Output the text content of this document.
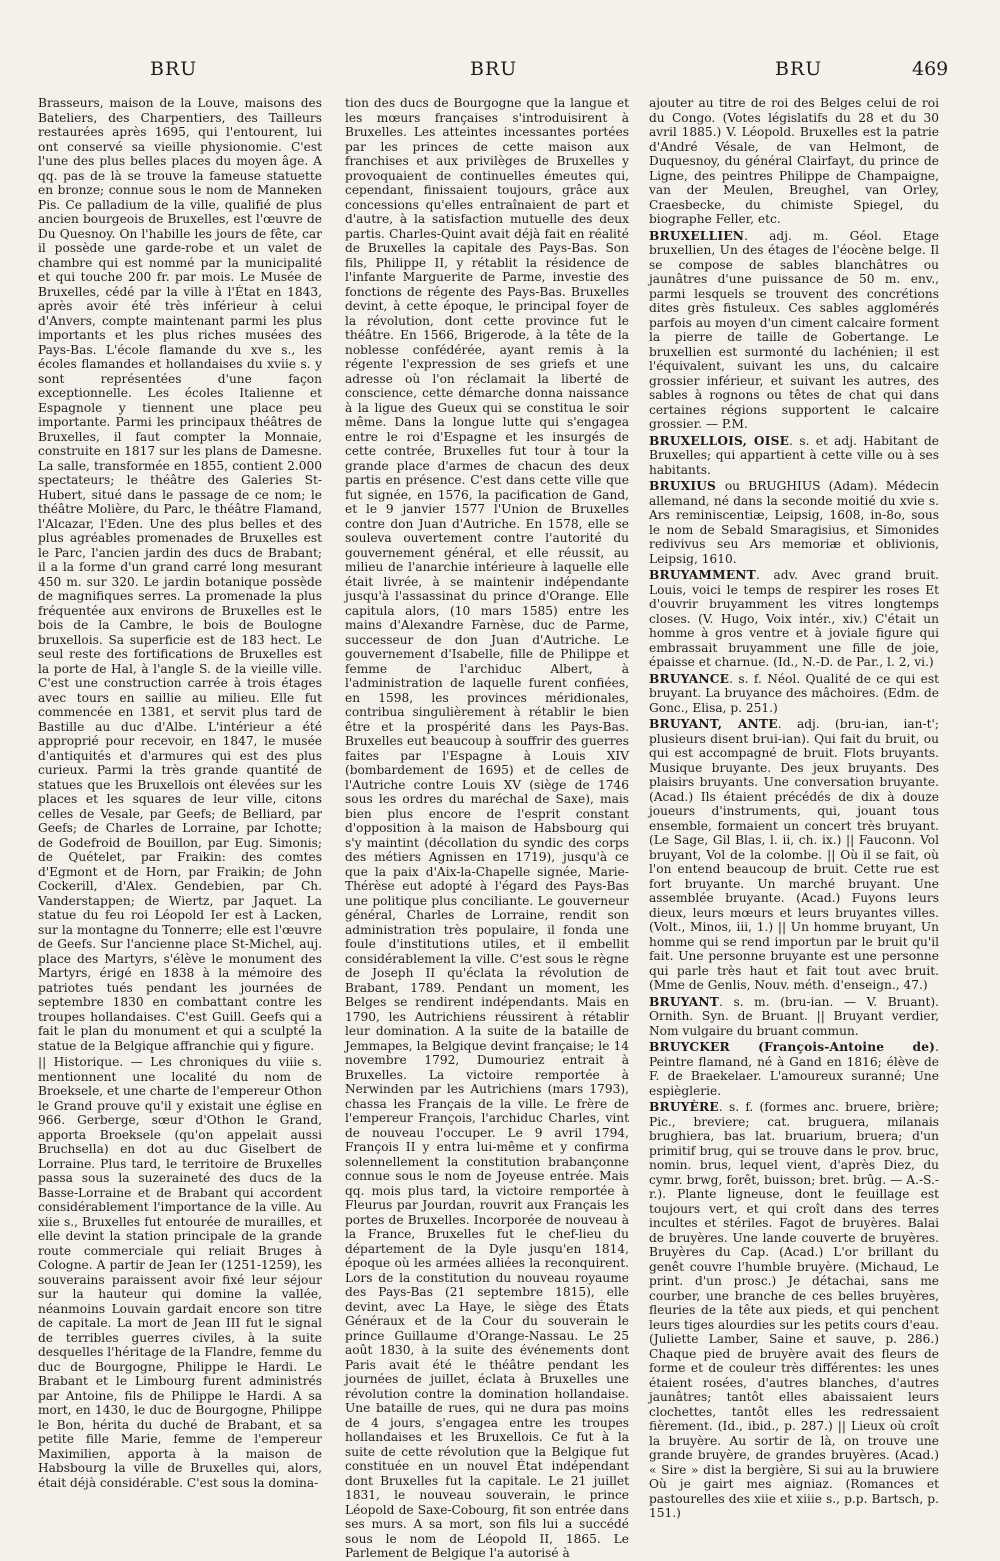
BRU	BRU	BRU	469

Brasseurs, maison de la Louve, maisons des Bateliers, des Charpentiers, des Tailleurs restaurées après 1695, qui l'entourent, lui ont conservé sa vieille physionomie. C'est l'une des plus belles places du moyen âge. A qq. pas de là se trouve la fameuse statuette en bronze; connue sous le nom de Manneken Pis. Ce palladium de la ville, qualifié de plus ancien bourgeois de Bruxelles, est l'œuvre de Du Quesnoy. On l'habille les jours de fête, car il possède une garde-robe et un valet de chambre qui est nommé par la municipalité et qui touche 200 fr. par mois. Le Musée de Bruxelles, cédé par la ville à l'État en 1843, après avoir été très inférieur à celui d'Anvers, compte maintenant parmi les plus importants et les plus riches musées des Pays-Bas. L'école flamande du xve s., les écoles flamandes et hollandaises du xviie s. y sont représentées d'une façon exceptionnelle. Les écoles Italienne et Espagnole y tiennent une place peu importante. Parmi les principaux théâtres de Bruxelles, il faut compter la Monnaie, construite en 1817 sur les plans de Damesne. La salle, transformée en 1855, contient 2.000 spectateurs; le théâtre des Galeries St-Hubert, situé dans le passage de ce nom; le théâtre Molière, du Parc, le théâtre Flamand, l'Alcazar, l'Eden. Une des plus belles et des plus agréables promenades de Bruxelles est le Parc, l'ancien jardin des ducs de Brabant; il a la forme d'un grand carré long mesurant 450 m. sur 320. Le jardin botanique possède de magnifiques serres. La promenade la plus fréquentée aux environs de Bruxelles est le bois de la Cambre, le bois de Boulogne bruxellois. Sa superficie est de 183 hect. Le seul reste des fortifications de Bruxelles est la porte de Hal, à l'angle S. de la vieille ville. C'est une construction carrée à trois étages avec tours en saillie au milieu. Elle fut commencée en 1381, et servit plus tard de Bastille au duc d'Albe. L'intérieur a été approprié pour recevoir, en 1847, le musée d'antiquités et d'armures qui est des plus curieux. Parmi la très grande quantité de statues que les Bruxellois ont élevées sur les places et les squares de leur ville, citons celles de Vesale, par Geefs; de Belliard, par Geefs; de Charles de Lorraine, par Ichotte; de Godefroid de Bouillon, par Eug. Simonis; de Quételet, par Fraikin: des comtes d'Egmont et de Horn, par Fraikin; de John Cockerill, d'Alex. Gendebien, par Ch. Vanderstappen; de Wiertz, par Jaquet. La statue du feu roi Léopold Ier est à Lacken, sur la montagne du Tonnerre; elle est l'œuvre de Geefs. Sur l'ancienne place St-Michel, auj. place des Martyrs, s'élève le monument des Martyrs, érigé en 1838 à la mémoire des patriotes tués pendant les journées de septembre 1830 en combattant contre les troupes hollandaises. C'est Guill. Geefs qui a fait le plan du monument et qui a sculpté la statue de la Belgique affranchie qui y figure.

|| Historique. — Les chroniques du viiie s. mentionnent une localité du nom de Broeksele, et une charte de l'empereur Othon le Grand prouve qu'il y existait une église en 966. Gerberge, sœur d'Othon le Grand, apporta Broeksele (qu'on appelait aussi Bruchsella) en dot au duc Giselbert de Lorraine. Plus tard, le territoire de Bruxelles passa sous la suzeraineté des ducs de la Basse-Lorraine et de Brabant qui accordent considérablement l'importance de la ville. Au xiie s., Bruxelles fut entourée de murailles, et elle devint la station principale de la grande route commerciale qui reliait Bruges à Cologne. A partir de Jean Ier (1251-1259), les souverains paraissent avoir fixé leur séjour sur la hauteur qui domine la vallée, néanmoins Louvain gardait encore son titre de capitale. La mort de Jean III fut le signal de terribles guerres civiles, à la suite desquelles l'héritage de la Flandre, femme du duc de Bourgogne, Philippe le Hardi. Le Brabant et le Limbourg furent administrés par Antoine, fils de Philippe le Hardi. A sa mort, en 1430, le duc de Bourgogne, Philippe le Bon, hérita du duché de Brabant, et sa petite fille Marie, femme de l'empereur Maximilien, apporta à la maison de Habsbourg la ville de Bruxelles qui, alors, était déjà considérable. C'est sous la domina-

tion des ducs de Bourgogne que la langue et les mœurs françaises s'introduisirent à Bruxelles. Les atteintes incessantes portées par les princes de cette maison aux franchises et aux privilèges de Bruxelles y provoquaient de continuelles émeutes qui, cependant, finissaient toujours, grâce aux concessions qu'elles entraînaient de part et d'autre, à la satisfaction mutuelle des deux partis. Charles-Quint avait déjà fait en réalité de Bruxelles la capitale des Pays-Bas. Son fils, Philippe II, y rétablit la résidence de l'infante Marguerite de Parme, investie des fonctions de régente des Pays-Bas. Bruxelles devint, à cette époque, le principal foyer de la révolution, dont cette province fut le théâtre. En 1566, Brigerode, à la tête de la noblesse confédérée, ayant remis à la régente l'expression de ses griefs et une adresse où l'on réclamait la liberté de conscience, cette démarche donna naissance à la ligue des Gueux qui se constitua le soir même. Dans la longue lutte qui s'engagea entre le roi d'Espagne et les insurgés de cette contrée, Bruxelles fut tour à tour la grande place d'armes de chacun des deux partis en présence. C'est dans cette ville que fut signée, en 1576, la pacification de Gand, et le 9 janvier 1577 l'Union de Bruxelles contre don Juan d'Autriche. En 1578, elle se souleva ouvertement contre l'autorité du gouvernement général, et elle réussit, au milieu de l'anarchie intérieure à laquelle elle était livrée, à se maintenir indépendante jusqu'à l'assassinat du prince d'Orange. Elle capitula alors, (10 mars 1585) entre les mains d'Alexandre Farnèse, duc de Parme, successeur de don Juan d'Autriche. Le gouvernement d'Isabelle, fille de Philippe et femme de l'archiduc Albert, à l'administration de laquelle furent confiées, en 1598, les provinces méridionales, contribua singulièrement à rétablir le bien être et la prospérité dans les Pays-Bas. Bruxelles eut beaucoup à souffrir des guerres faites par l'Espagne à Louis XIV (bombardement de 1695) et de celles de l'Autriche contre Louis XV (siège de 1746 sous les ordres du maréchal de Saxe), mais bien plus encore de l'esprit constant d'opposition à la maison de Habsbourg qui s'y maintint (décollation du syndic des corps des métiers Agnissen en 1719), jusqu'à ce que la paix d'Aix-la-Chapelle signée, Marie-Thérèse eut adopté à l'égard des Pays-Bas une politique plus conciliante. Le gouverneur général, Charles de Lorraine, rendit son administration très populaire, il fonda une foule d'institutions utiles, et il embellit considérablement la ville. C'est sous le règne de Joseph II qu'éclata la révolution de Brabant, 1789. Pendant un moment, les Belges se rendirent indépendants. Mais en 1790, les Autrichiens réussirent à rétablir leur domination. A la suite de la bataille de Jemmapes, la Belgique devint française; le 14 novembre 1792, Dumouriez entrait à Bruxelles. La victoire remportée à Nerwinden par les Autrichiens (mars 1793), chassa les Français de la ville. Le frère de l'empereur François, l'archiduc Charles, vint de nouveau l'occuper. Le 9 avril 1794, François II y entra lui-même et y confirma solennellement la constitution brabançonne connue sous le nom de Joyeuse entrée. Mais qq. mois plus tard, la victoire remportée à Fleurus par Jourdan, rouvrit aux Français les portes de Bruxelles. Incorporée de nouveau à la France, Bruxelles fut le chef-lieu du département de la Dyle jusqu'en 1814, époque où les armées alliées la reconquirent. Lors de la constitution du nouveau royaume des Pays-Bas (21 septembre 1815), elle devint, avec La Haye, le siège des États Généraux et de la Cour du souverain le prince Guillaume d'Orange-Nassau. Le 25 août 1830, à la suite des événements dont Paris avait été le théâtre pendant les journées de juillet, éclata à Bruxelles une révolution contre la domination hollandaise. Une bataille de rues, qui ne dura pas moins de 4 jours, s'engagea entre les troupes hollandaises et les Bruxellois. Ce fut à la suite de cette révolution que la Belgique fut constituée en un nouvel État indépendant dont Bruxelles fut la capitale. Le 21 juillet 1831, le nouveau souverain, le prince Léopold de Saxe-Cobourg, fit son entrée dans ses murs. A sa mort, son fils lui a succédé sous le nom de Léopold II, 1865. Le Parlement de Belgique l'a autorisé à

ajouter au titre de roi des Belges celui de roi du Congo. (Votes législatifs du 28 et du 30 avril 1885.) V. Léopold. Bruxelles est la patrie d'André Vésale, de van Helmont, de Duquesnoy, du général Clairfayt, du prince de Ligne, des peintres Philippe de Champaigne, van der Meulen, Breughel, van Orley, Craesbecke, du chimiste Spiegel, du biographe Feller, etc.

BRUXELLIEN. adj. m. Géol. Etage bruxellien, Un des étages de l'éocène belge. Il se compose de sables blanchâtres ou jaunâtres d'une puissance de 50 m. env., parmi lesquels se trouvent des concrétions dites grès fistuleux. Ces sables agglomérés parfois au moyen d'un ciment calcaire forment la pierre de taille de Gobertange. Le bruxellien est surmonté du lachénien; il est l'équivalent, suivant les uns, du calcaire grossier inférieur, et suivant les autres, des sables à rognons ou têtes de chat qui dans certaines régions supportent le calcaire grossier. — P.M.

BRUXELLOIS, OISE. s. et adj. Habitant de Bruxelles; qui appartient à cette ville ou à ses habitants.

BRUXIUS ou BRUGHIUS (Adam). Médecin allemand, né dans la seconde moitié du xvie s. Ars reminiscentiæ, Leipsig, 1608, in-8o, sous le nom de Sebald Smaragisius, et Simonides redivivus seu Ars memoriæ et oblivionis, Leipsig, 1610.

BRUYAMMENT. adv. Avec grand bruit. Louis, voici le temps de respirer les roses Et d'ouvrir bruyamment les vitres longtemps closes. (V. Hugo, Voix intér., xiv.) C'était un homme à gros ventre et à joviale figure qui embrassait bruyamment une fille de joie, épaisse et charnue. (Id., N.-D. de Par., l. 2, vi.)

BRUYANCE. s. f. Néol. Qualité de ce qui est bruyant. La bruyance des mâchoires. (Edm. de Gonc., Elisa, p. 251.)

BRUYANT, ANTE. adj. (bru-ian, ian-t'; plusieurs disent brui-ian). Qui fait du bruit, ou qui est accompagné de bruit. Flots bruyants. Musique bruyante. Des jeux bruyants. Des plaisirs bruyants. Une conversation bruyante. (Acad.) Ils étaient précédés de dix à douze joueurs d'instruments, qui, jouant tous ensemble, formaient un concert très bruyant. (Le Sage, Gil Blas, l. ii, ch. ix.) || Fauconn. Vol bruyant, Vol de la colombe. || Où il se fait, où l'on entend beaucoup de bruit. Cette rue est fort bruyante. Un marché bruyant. Une assemblée bruyante. (Acad.) Fuyons leurs dieux, leurs mœurs et leurs bruyantes villes. (Volt., Minos, iii, 1.) || Un homme bruyant, Un homme qui se rend importun par le bruit qu'il fait. Une personne bruyante est une personne qui parle très haut et fait tout avec bruit. (Mme de Genlis, Nouv. méth. d'enseign., 47.)

BRUYANT. s. m. (bru-ian. — V. Bruant). Ornith. Syn. de Bruant. || Bruyant verdier, Nom vulgaire du bruant commun.

BRUYCKER (François-Antoine de). Peintre flamand, né à Gand en 1816; élève de F. de Braekelaer. L'amoureux suranné; Une espièglerie.

BRUYÈRE. s. f. (formes anc. bruere, brière; Pic., breviere; cat. bruguera, milanais brughiera, bas lat. bruarium, bruera; d'un primitif brug, qui se trouve dans le prov. bruc, nomin. brus, lequel vient, d'après Diez, du cymr. brwg, forêt, buisson; bret. brûg. — A.-S.-r.). Plante ligneuse, dont le feuillage est toujours vert, et qui croît dans des terres incultes et stériles. Fagot de bruyères. Balai de bruyères. Une lande couverte de bruyères. Bruyères du Cap. (Acad.) L'or brillant du genêt couvre l'humble bruyère. (Michaud, Le print. d'un prosc.) Je détachai, sans me courber, une branche de ces belles bruyères, fleuries de la tête aux pieds, et qui penchent leurs tiges alourdies sur les petits cours d'eau. (Juliette Lamber, Saine et sauve, p. 286.) Chaque pied de bruyère avait des fleurs de forme et de couleur très différentes: les unes étaient rosées, d'autres blanches, d'autres jaunâtres; tantôt elles abaissaient leurs clochettes, tantôt elles les redressaient fièrement. (Id., ibid., p. 287.) || Lieux où croît la bruyère. Au sortir de là, on trouve une grande bruyère, de grandes bruyères. (Acad.) « Sire » dist la bergière, Si sui au la bruwiere Où je gairt mes aigniaz. (Romances et pastourelles des xiie et xiiie s., p.p. Bartsch, p. 151.)
